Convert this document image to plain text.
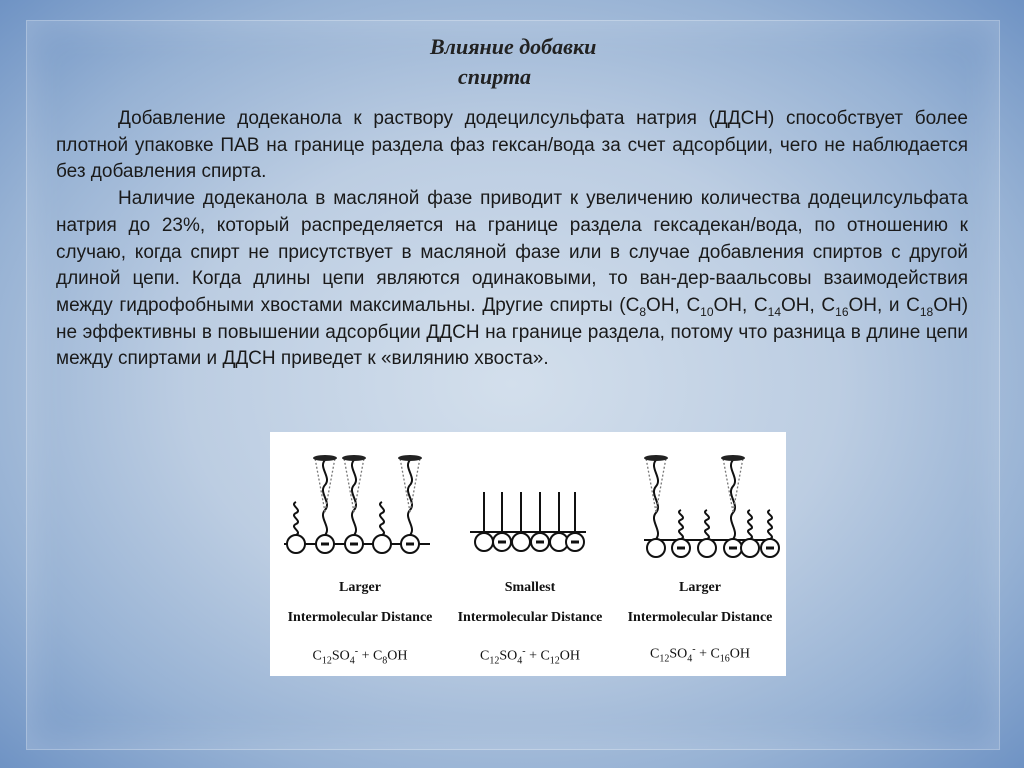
Влияние добавки
спирта

Добавление додеканола к раствору додецилсульфата натрия (ДДСН) способствует более плотной упаковке ПАВ на границе раздела фаз гексан/вода за счет адсорбции, чего не наблюдается без добавления спирта.

Наличие додеканола в масляной фазе приводит к увеличению количества додецилсульфата натрия до 23%, который распределяется на границе раздела гексадекан/вода, по отношению к случаю, когда спирт не присутствует в масляной фазе или в случае добавления спиртов с другой длиной цепи. Когда длины цепи являются одинаковыми, то ван-дер-ваальсовы взаимодействия между гидрофобными хвостами максимальны. Другие спирты ($C_8OH$, $C_{10}OH$, $C_{14}OH$, $C_{16}OH$, и $C_{18}OH$) не эффективны в повышении адсорбции ДДСН на границе раздела, потому что разница в длине цепи между спиртами и ДДСН приведет к «вилянию хвоста».

Larger
Intermolecular Distance
$C_{12}SO_4^- + C_8OH$
Smallest
Intermolecular Distance
$C_{12}SO_4^- + C_{12}OH$
Larger
Intermolecular Distance
$C_{12}SO_4^- + C_{16}OH$
